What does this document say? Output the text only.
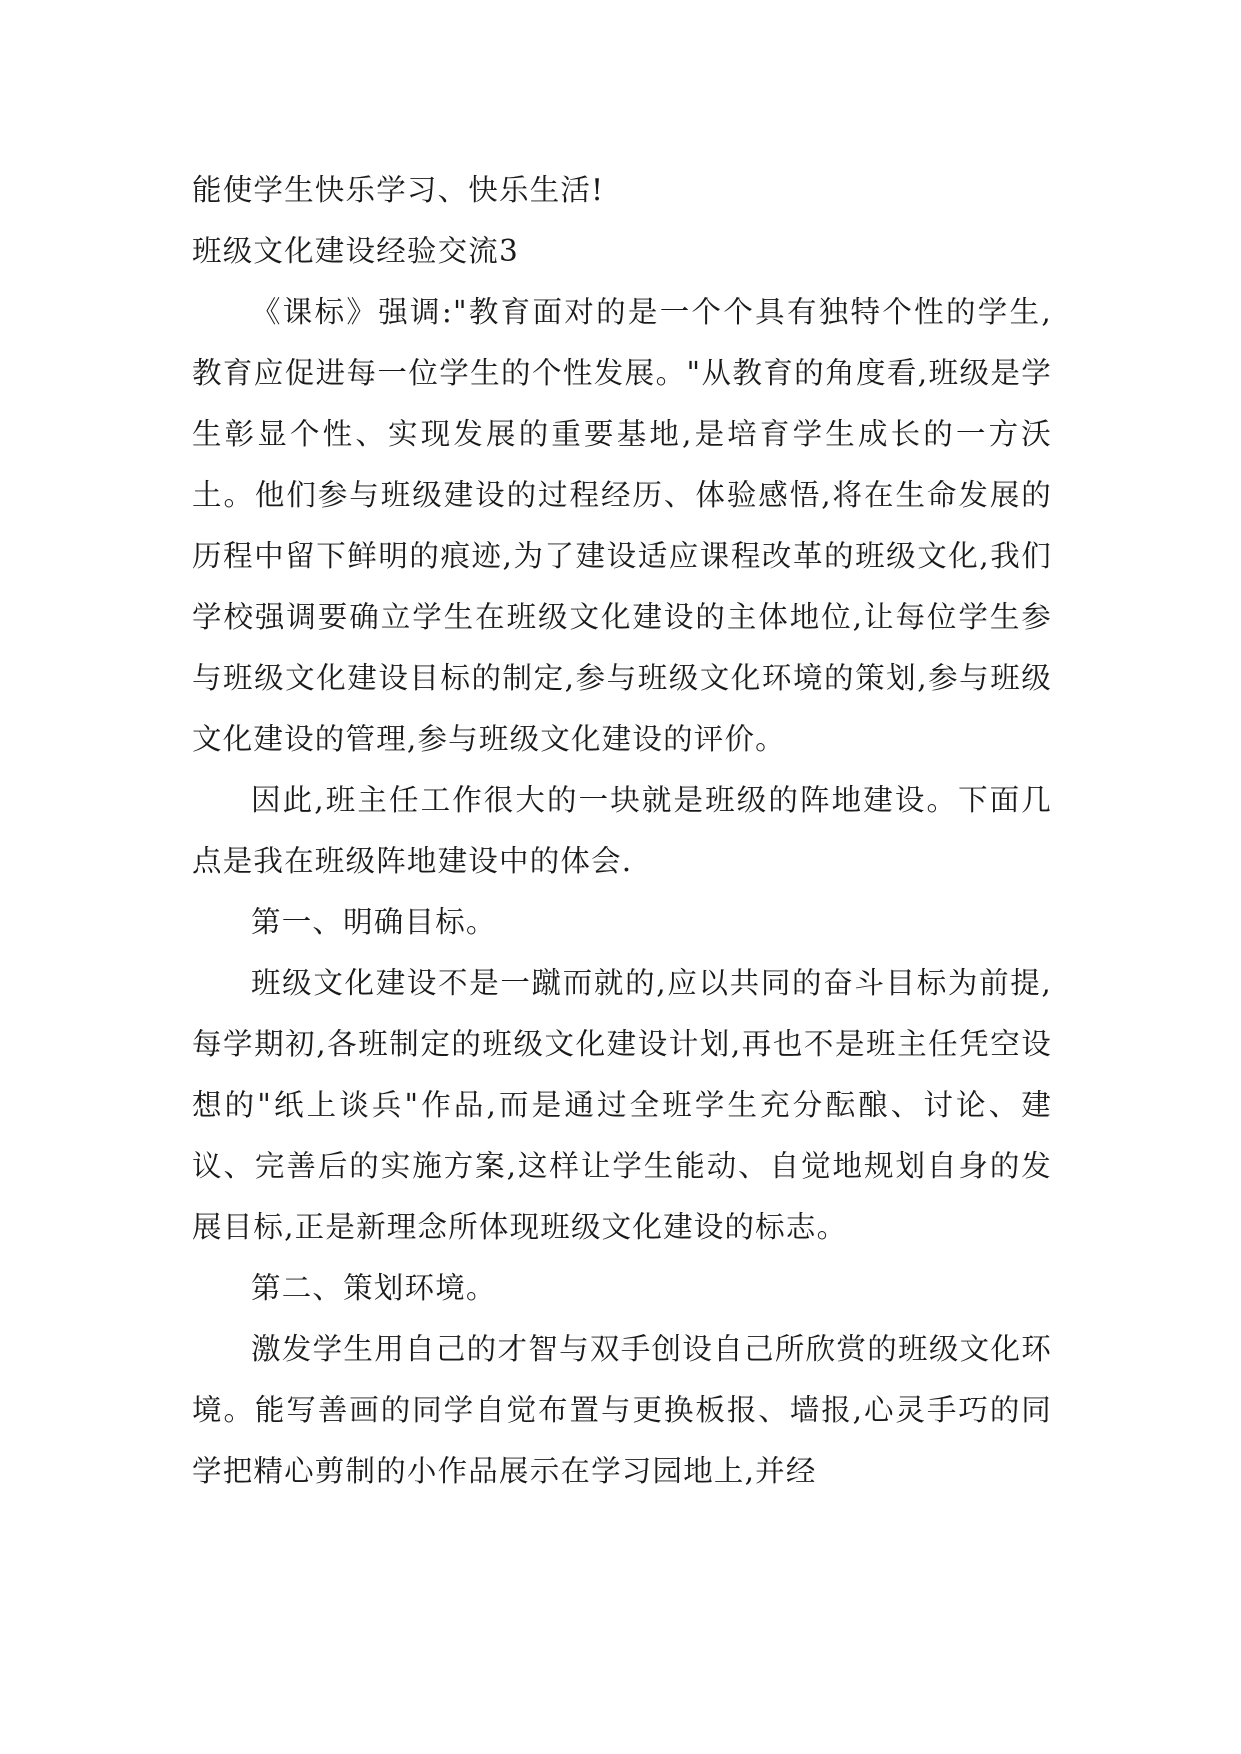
能使学生快乐学习、快乐生活!

班级文化建设经验交流3

《课标》强调:"教育面对的是一个个具有独特个性的学生,教育应促进每一位学生的个性发展。"从教育的角度看,班级是学生彰显个性、实现发展的重要基地,是培育学生成长的一方沃土。他们参与班级建设的过程经历、体验感悟,将在生命发展的历程中留下鲜明的痕迹,为了建设适应课程改革的班级文化,我们学校强调要确立学生在班级文化建设的主体地位,让每位学生参与班级文化建设目标的制定,参与班级文化环境的策划,参与班级文化建设的管理,参与班级文化建设的评价。

因此,班主任工作很大的一块就是班级的阵地建设。下面几点是我在班级阵地建设中的体会.

第一、明确目标。

班级文化建设不是一蹴而就的,应以共同的奋斗目标为前提,每学期初,各班制定的班级文化建设计划,再也不是班主任凭空设想的"纸上谈兵"作品,而是通过全班学生充分酝酿、讨论、建议、完善后的实施方案,这样让学生能动、自觉地规划自身的发展目标,正是新理念所体现班级文化建设的标志。

第二、策划环境。

激发学生用自己的才智与双手创设自己所欣赏的班级文化环境。能写善画的同学自觉布置与更换板报、墙报,心灵手巧的同学把精心剪制的小作品展示在学习园地上,并经
